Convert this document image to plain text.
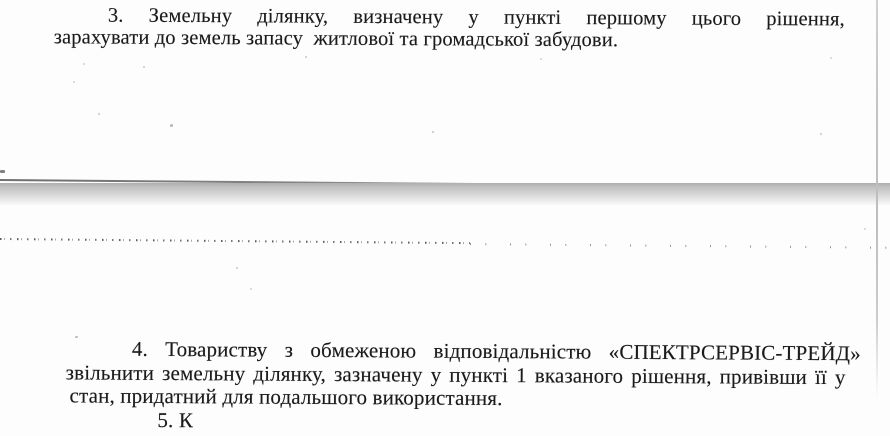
3. Земельну ділянку, визначену у пункті першому цього рішення,
зарахувати до земель запасу  житлової та громадської забудови.
4. Товариству з обмеженою відповідальністю «СПЕКТРСЕРВІС-ТРЕЙД»
звільнити земельну ділянку, зазначену у пункті 1 вказаного рішення, привівши її у
стан, придатний для подальшого використання.
5. К
